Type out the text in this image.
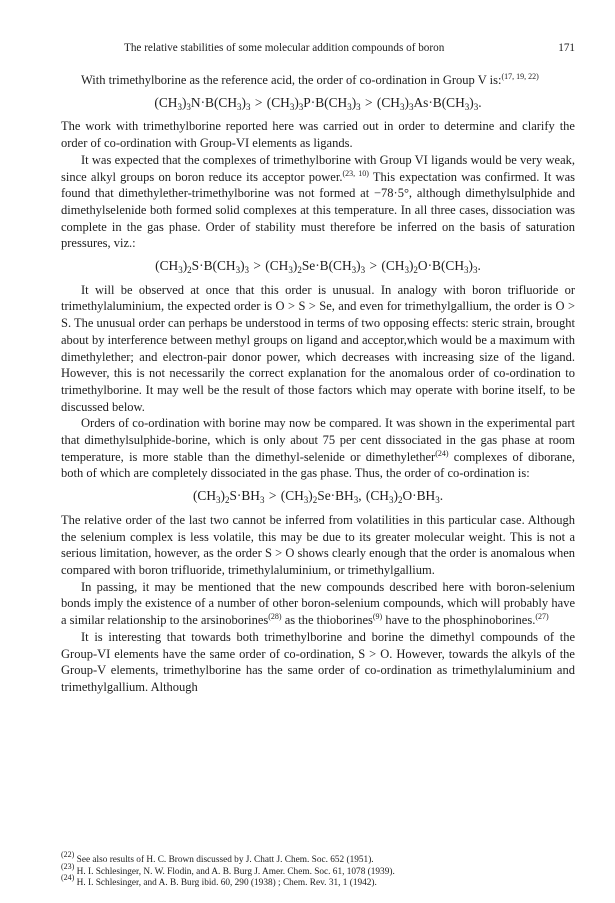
The relative stabilities of some molecular addition compounds of boron	171

With trimethylborine as the reference acid, the order of co-ordination in Group V is:$^{(17, 19, 22)}$

$(CH_3)_3N\cdot B(CH_3)_3 > (CH_3)_3P\cdot B(CH_3)_3 > (CH_3)_3As\cdot B(CH_3)_3$.

The work with trimethylborine reported here was carried out in order to determine and clarify the order of co-ordination with Group-VI elements as ligands.

It was expected that the complexes of trimethylborine with Group VI ligands would be very weak, since alkyl groups on boron reduce its acceptor power.$^{(23, 10)}$ This expectation was confirmed. It was found that dimethylether-trimethylborine was not formed at −78·5°, although dimethylsulphide and dimethylselenide both formed solid complexes at this temperature. In all three cases, dissociation was complete in the gas phase. Order of stability must therefore be inferred on the basis of saturation pressures, viz.:

$(CH_3)_2S\cdot B(CH_3)_3 > (CH_3)_2Se\cdot B(CH_3)_3 > (CH_3)_2O\cdot B(CH_3)_3$.

It will be observed at once that this order is unusual. In analogy with boron trifluoride or trimethylaluminium, the expected order is O > S > Se, and even for trimethylgallium, the order is O > S. The unusual order can perhaps be understood in terms of two opposing effects: steric strain, brought about by interference between methyl groups on ligand and acceptor,which would be a maximum with dimethylether; and electron-pair donor power, which decreases with increasing size of the ligand. However, this is not necessarily the correct explanation for the anomalous order of co-ordination to trimethylborine. It may well be the result of those factors which may operate with borine itself, to be discussed below.

Orders of co-ordination with borine may now be compared. It was shown in the experimental part that dimethylsulphide-borine, which is only about 75 per cent dissociated in the gas phase at room temperature, is more stable than the dimethyl-selenide or dimethylether$^{(24)}$ complexes of diborane, both of which are completely dissociated in the gas phase. Thus, the order of co-ordination is:

$(CH_3)_2S\cdot BH_3 > (CH_3)_2Se\cdot BH_3$, $(CH_3)_2O\cdot BH_3$.

The relative order of the last two cannot be inferred from volatilities in this particular case. Although the selenium complex is less volatile, this may be due to its greater molecular weight. This is not a serious limitation, however, as the order S > O shows clearly enough that the order is anomalous when compared with boron trifluoride, trimethylaluminium, or trimethylgallium.

In passing, it may be mentioned that the new compounds described here with boron-selenium bonds imply the existence of a number of other boron-selenium compounds, which will probably have a similar relationship to the arsinoborines$^{(28)}$ as the thioborines$^{(9)}$ have to the phosphinoborines.$^{(27)}$

It is interesting that towards both trimethylborine and borine the dimethyl compounds of the Group-VI elements have the same order of co-ordination, S > O. However, towards the alkyls of the Group-V elements, trimethylborine has the same order of co-ordination as trimethylaluminium and trimethylgallium. Although

$^{(22)}$ See also results of H. C. Brown discussed by J. Chatt J. Chem. Soc. 652 (1951).

$^{(23)}$ H. I. Schlesinger, N. W. Flodin, and A. B. Burg J. Amer. Chem. Soc. 61, 1078 (1939).

$^{(24)}$ H. I. Schlesinger, and A. B. Burg ibid. 60, 290 (1938) ; Chem. Rev. 31, 1 (1942).
